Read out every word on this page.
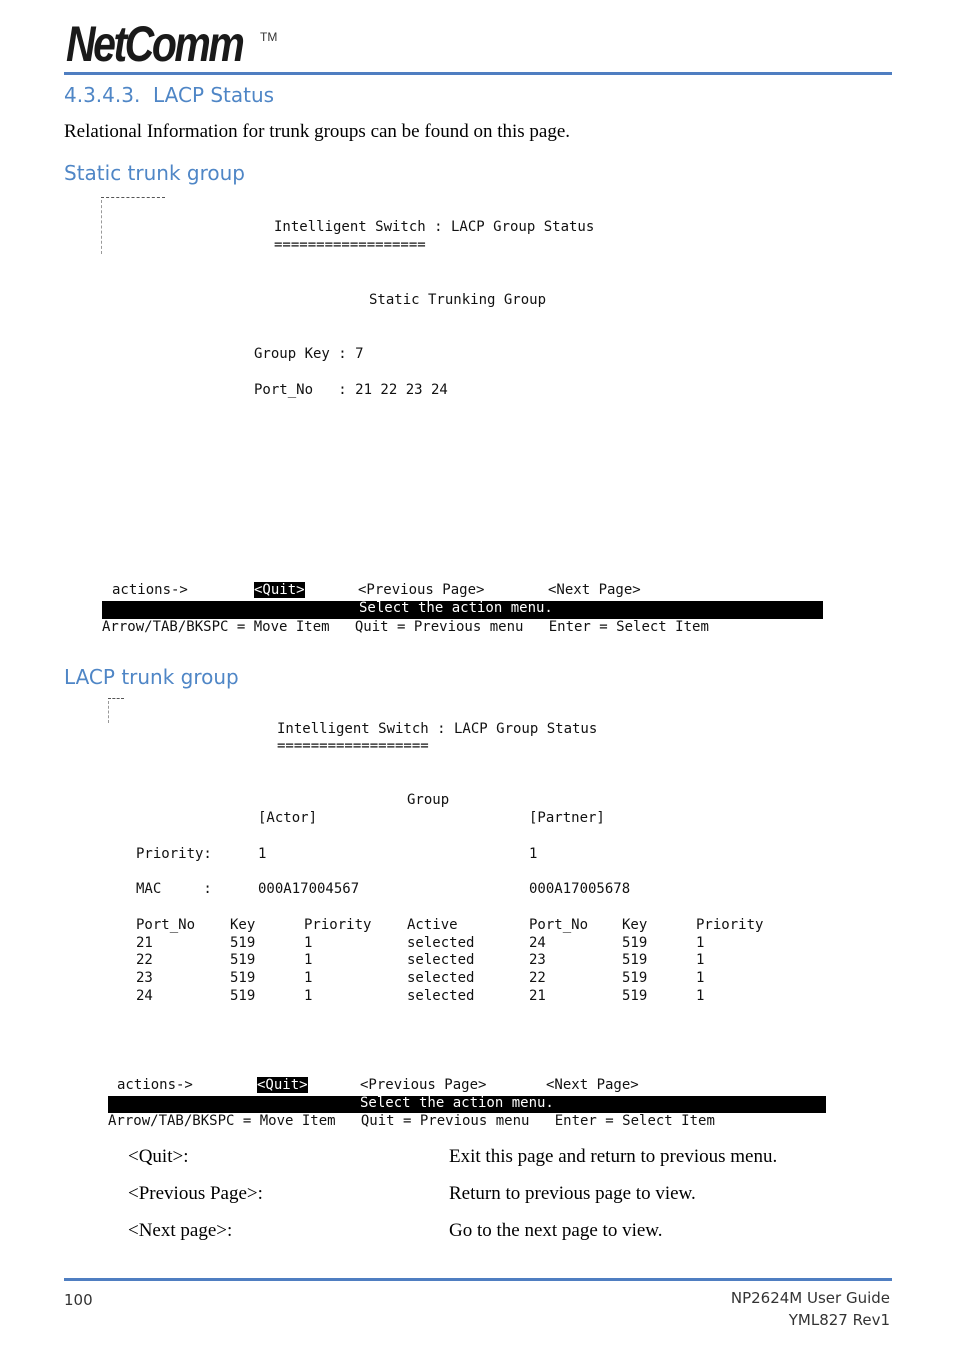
NetComm TM
4.3.4.3. LACP Status
Relational Information for trunk groups can be found on this page.
Static trunk group
Intelligent Switch : LACP Group Status
==================
Static Trunking Group
Group Key : 7
Port_No   : 21 22 23 24
actions->	<Quit>	<Previous Page>	<Next Page>
Select the action menu.
Arrow/TAB/BKSPC = Move Item   Quit = Previous menu   Enter = Select Item
LACP trunk group
Intelligent Switch : LACP Group Status
==================
Group
[Actor]	[Partner]
Priority:	1	1
MAC     :	000A17004567	000A17005678
Port_No Key	Priority	Active	Port_No Key	Priority
21	519	1	selected	24	519	1
22	519	1	selected	23	519	1
23	519	1	selected	22	519	1
24	519	1	selected	21	519	1
actions->	<Quit>	<Previous Page>	<Next Page>
Select the action menu.
Arrow/TAB/BKSPC = Move Item   Quit = Previous menu   Enter = Select Item
<Quit>:	Exit this page and return to previous menu.
<Previous Page>:	Return to previous page to view.
<Next page>:	Go to the next page to view.
100	NP2624M User Guide
YML827 Rev1
